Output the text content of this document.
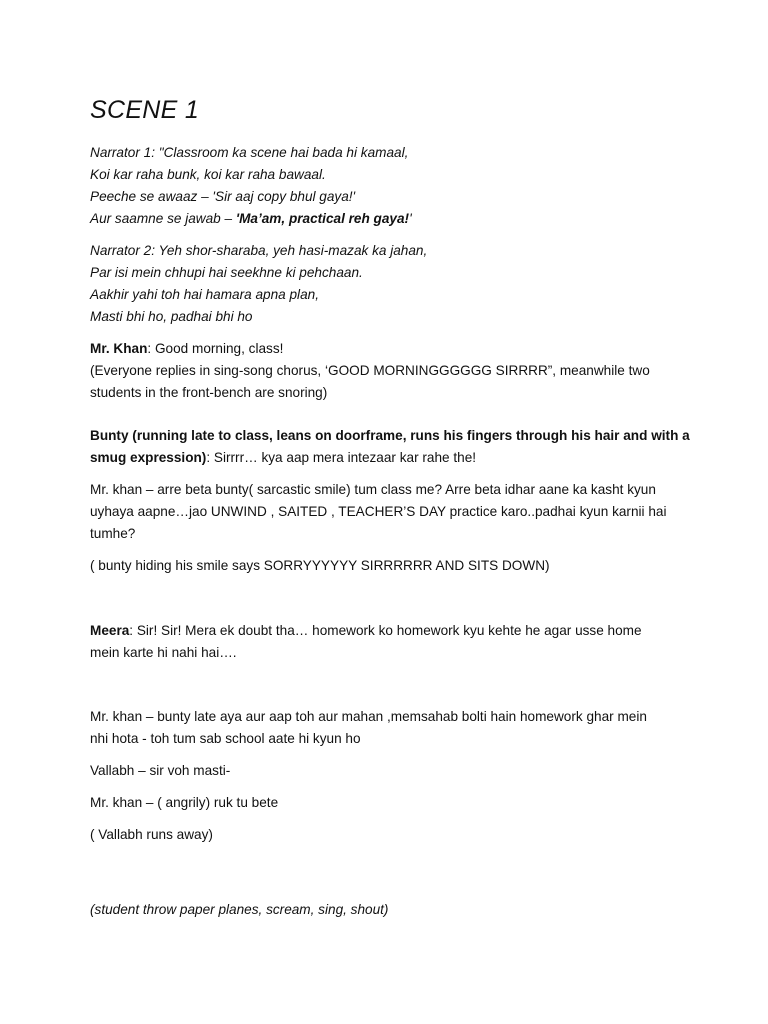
SCENE 1
Narrator 1: "Classroom ka scene hai bada hi kamaal,
Koi kar raha bunk, koi kar raha bawaal.
Peeche se awaaz – 'Sir aaj copy bhul gaya!'
Aur saamne se jawab – 'Ma’am, practical reh gaya!'
Narrator 2: Yeh shor-sharaba, yeh hasi-mazak ka jahan,
Par isi mein chhupi hai seekhne ki pehchaan.
Aakhir yahi toh hai hamara apna plan,
Masti bhi ho, padhai bhi ho
Mr. Khan: Good morning, class!
(Everyone replies in sing-song chorus, ‘GOOD MORNINGGGGGG SIRRRR”, meanwhile two
students in the front-bench are snoring)
Bunty (running late to class, leans on doorframe, runs his fingers through his hair and with a
smug expression): Sirrrr… kya aap mera intezaar kar rahe the!
Mr. khan – arre beta bunty( sarcastic smile) tum class me? Arre beta idhar aane ka kasht kyun
uyhaya aapne…jao UNWIND , SAITED , TEACHER’S DAY practice karo..padhai kyun karnii hai
tumhe?
( bunty hiding his smile says SORRYYYYYY SIRRRRRR AND SITS DOWN)
Meera: Sir! Sir! Mera ek doubt tha… homework ko homework kyu kehte he agar usse home
mein karte hi nahi hai….
Mr. khan – bunty late aya aur aap toh aur mahan ,memsahab bolti hain homework ghar mein
nhi hota - toh tum sab school aate hi kyun ho
Vallabh – sir voh masti-
Mr. khan – ( angrily) ruk tu bete
( Vallabh runs away)
(student throw paper planes, scream, sing, shout)
